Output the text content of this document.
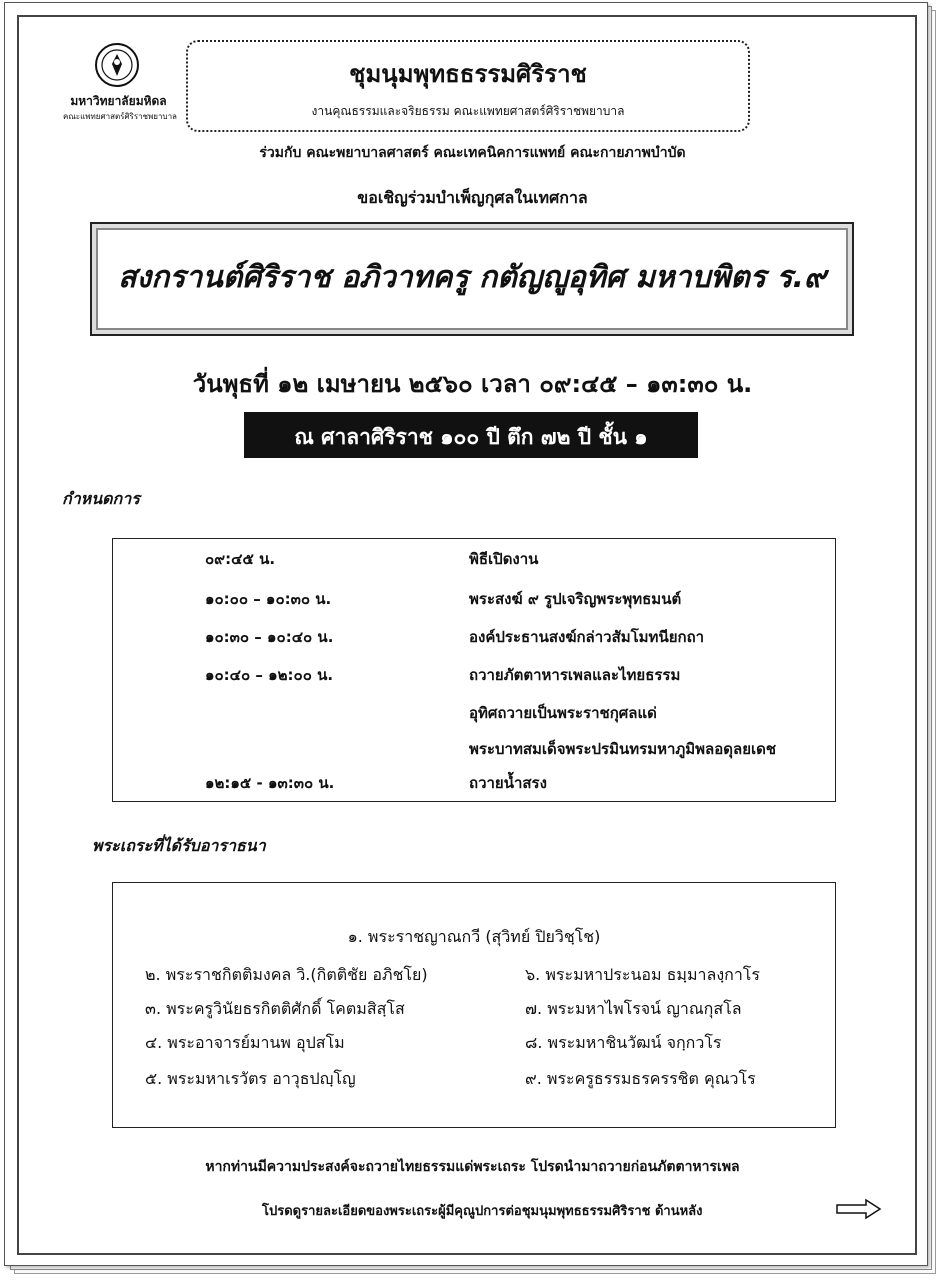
มหาวิทยาลัยมหิดล
คณะแพทยศาสตร์ศิริราชพยาบาล
ชุมนุมพุทธธรรมศิริราช
งานคุณธรรมและจริยธรรม คณะแพทยศาสตร์ศิริราชพยาบาล
ร่วมกับ คณะพยาบาลศาสตร์ คณะเทคนิคการแพทย์ คณะกายภาพบำบัด
ขอเชิญร่วมบำเพ็ญกุศลในเทศกาล
สงกรานต์ศิริราช อภิวาทครู กตัญญูอุทิศ มหาบพิตร ร.๙
วันพุธที่ ๑๒ เมษายน ๒๕๖๐ เวลา ๐๙:๔๕ – ๑๓:๓๐ น.
ณ ศาลาศิริราช ๑๐๐ ปี ตึก ๗๒ ปี ชั้น ๑
กำหนดการ
๐๙:๔๕ น.	พิธีเปิดงาน
๑๐:๐๐ – ๑๐:๓๐ น.	พระสงฆ์ ๙ รูปเจริญพระพุทธมนต์
๑๐:๓๐ – ๑๐:๔๐ น.	องค์ประธานสงฆ์กล่าวสัมโมทนียกถา
๑๐:๔๐ – ๑๒:๐๐ น.	ถวายภัตตาหารเพลและไทยธรรม
อุทิศถวายเป็นพระราชกุศลแด่
พระบาทสมเด็จพระปรมินทรมหาภูมิพลอดุลยเดช
๑๒:๑๕ - ๑๓:๓๐ น.	ถวายน้ำสรง
พระเถระที่ได้รับอาราธนา
๑. พระราชญาณกวี (สุวิทย์ ปิยวิชฺโช)
๒. พระราชกิตติมงคล วิ.(กิตติชัย อภิชโย)
๓. พระครูวินัยธรกิตติศักดิ์ โคตมสิสฺโส
๔. พระอาจารย์มานพ อุปสโม
๕. พระมหาเรวัตร อาวุธปญฺโญ
๖. พระมหาประนอม ธมฺมาลงฺกาโร
๗. พระมหาไพโรจน์ ญาณกุสโล
๘. พระมหาชินวัฒน์ จกฺกวโร
๙. พระครูธรรมธรครรชิต คุณวโร
หากท่านมีความประสงค์จะถวายไทยธรรมแด่พระเถระ โปรดนำมาถวายก่อนภัตตาหารเพล
โปรดดูรายละเอียดของพระเถระผู้มีคุณูปการต่อชุมนุมพุทธธรรมศิริราช ด้านหลัง
